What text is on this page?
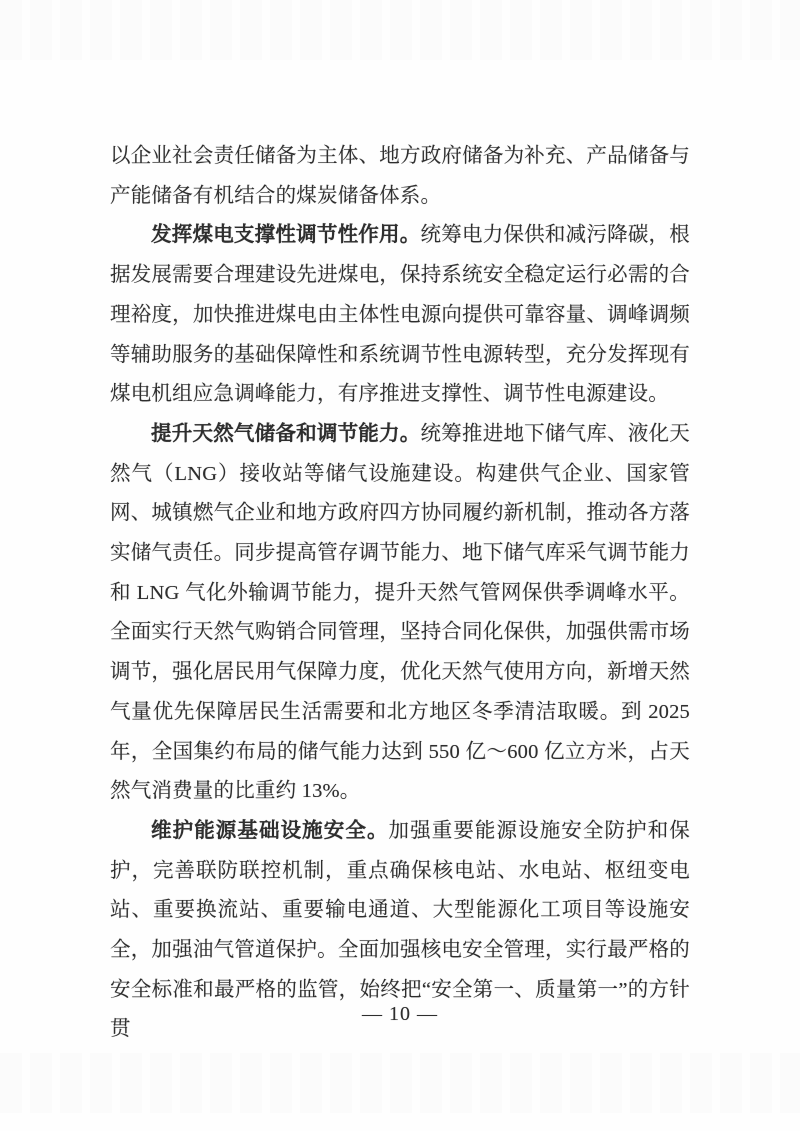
以企业社会责任储备为主体、地方政府储备为补充、产品储备与产能储备有机结合的煤炭储备体系。

发挥煤电支撑性调节性作用。统筹电力保供和减污降碳，根据发展需要合理建设先进煤电，保持系统安全稳定运行必需的合理裕度，加快推进煤电由主体性电源向提供可靠容量、调峰调频等辅助服务的基础保障性和系统调节性电源转型，充分发挥现有煤电机组应急调峰能力，有序推进支撑性、调节性电源建设。

提升天然气储备和调节能力。统筹推进地下储气库、液化天然气（LNG）接收站等储气设施建设。构建供气企业、国家管网、城镇燃气企业和地方政府四方协同履约新机制，推动各方落实储气责任。同步提高管存调节能力、地下储气库采气调节能力和 LNG 气化外输调节能力，提升天然气管网保供季调峰水平。全面实行天然气购销合同管理，坚持合同化保供，加强供需市场调节，强化居民用气保障力度，优化天然气使用方向，新增天然气量优先保障居民生活需要和北方地区冬季清洁取暖。到 2025 年，全国集约布局的储气能力达到 550 亿～600 亿立方米，占天然气消费量的比重约 13%。

维护能源基础设施安全。加强重要能源设施安全防护和保护，完善联防联控机制，重点确保核电站、水电站、枢纽变电站、重要换流站、重要输电通道、大型能源化工项目等设施安全，加强油气管道保护。全面加强核电安全管理，实行最严格的安全标准和最严格的监管，始终把“安全第一、质量第一”的方针贯

— 10 —
